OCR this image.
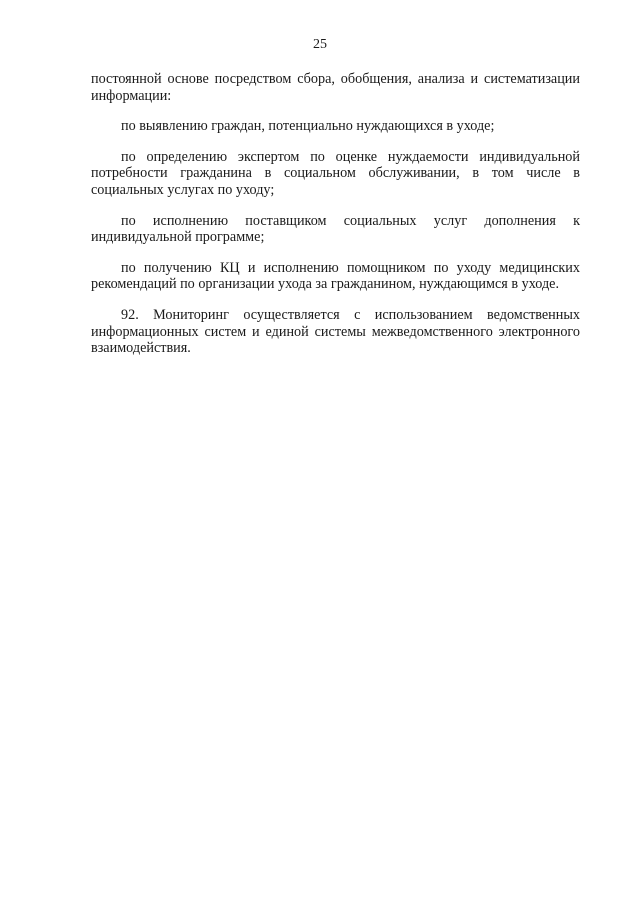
25

постоянной основе посредством сбора, обобщения, анализа и систематизации информации:

по выявлению граждан, потенциально нуждающихся в уходе;

по определению экспертом по оценке нуждаемости индивидуальной потребности гражданина в социальном обслуживании, в том числе в социальных услугах по уходу;

по исполнению поставщиком социальных услуг дополнения к индивидуальной программе;

по получению КЦ и исполнению помощником по уходу медицинских рекомендаций по организации ухода за гражданином, нуждающимся в уходе.

92. Мониторинг осуществляется с использованием ведомственных информационных систем и единой системы межведомственного электронного взаимодействия.
